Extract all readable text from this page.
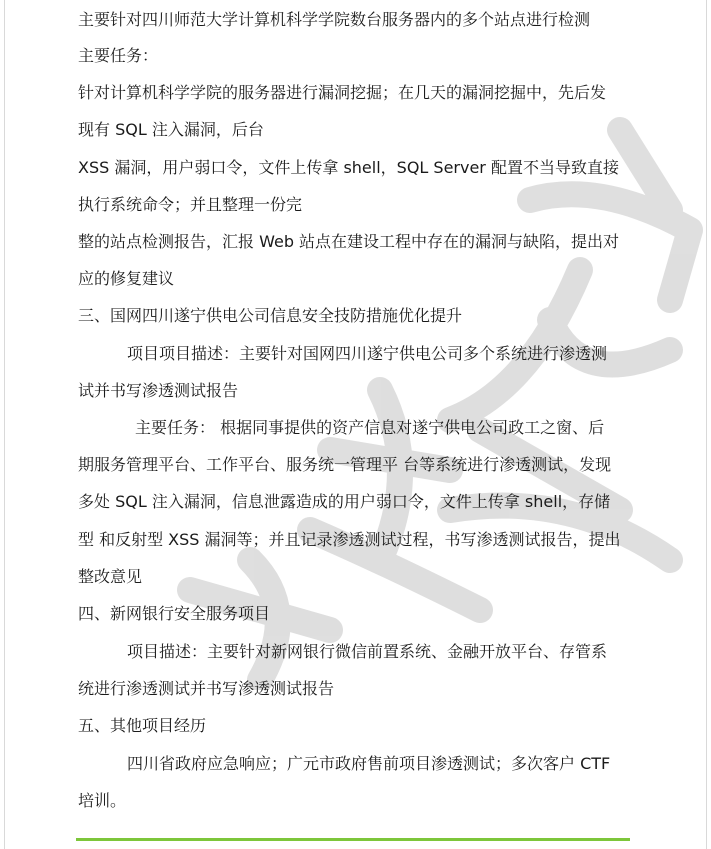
主要针对四川师范大学计算机科学学院数台服务器内的多个站点进行检测
主要任务：
针对计算机科学学院的服务器进行漏洞挖掘；在几天的漏洞挖掘中，先后发
现有 SQL 注入漏洞，后台
XSS 漏洞，用户弱口令，文件上传拿 shell，SQL Server 配置不当导致直接
执行系统命令；并且整理一份完
整的站点检测报告，汇报 Web 站点在建设工程中存在的漏洞与缺陷，提出对
应的修复建议
三、国网四川遂宁供电公司信息安全技防措施优化提升
项目项目描述：主要针对国网四川遂宁供电公司多个系统进行渗透测
试并书写渗透测试报告
主要任务： 根据同事提供的资产信息对遂宁供电公司政工之窗、后
期服务管理平台、工作平台、服务统一管理平 台等系统进行渗透测试，发现
多处 SQL 注入漏洞，信息泄露造成的用户弱口令，文件上传拿 shell，存储
型 和反射型 XSS 漏洞等；并且记录渗透测试过程，书写渗透测试报告，提出
整改意见
四、新网银行安全服务项目
项目描述：主要针对新网银行微信前置系统、金融开放平台、存管系
统进行渗透测试并书写渗透测试报告
五、其他项目经历
四川省政府应急响应；广元市政府售前项目渗透测试；多次客户 CTF
培训。
